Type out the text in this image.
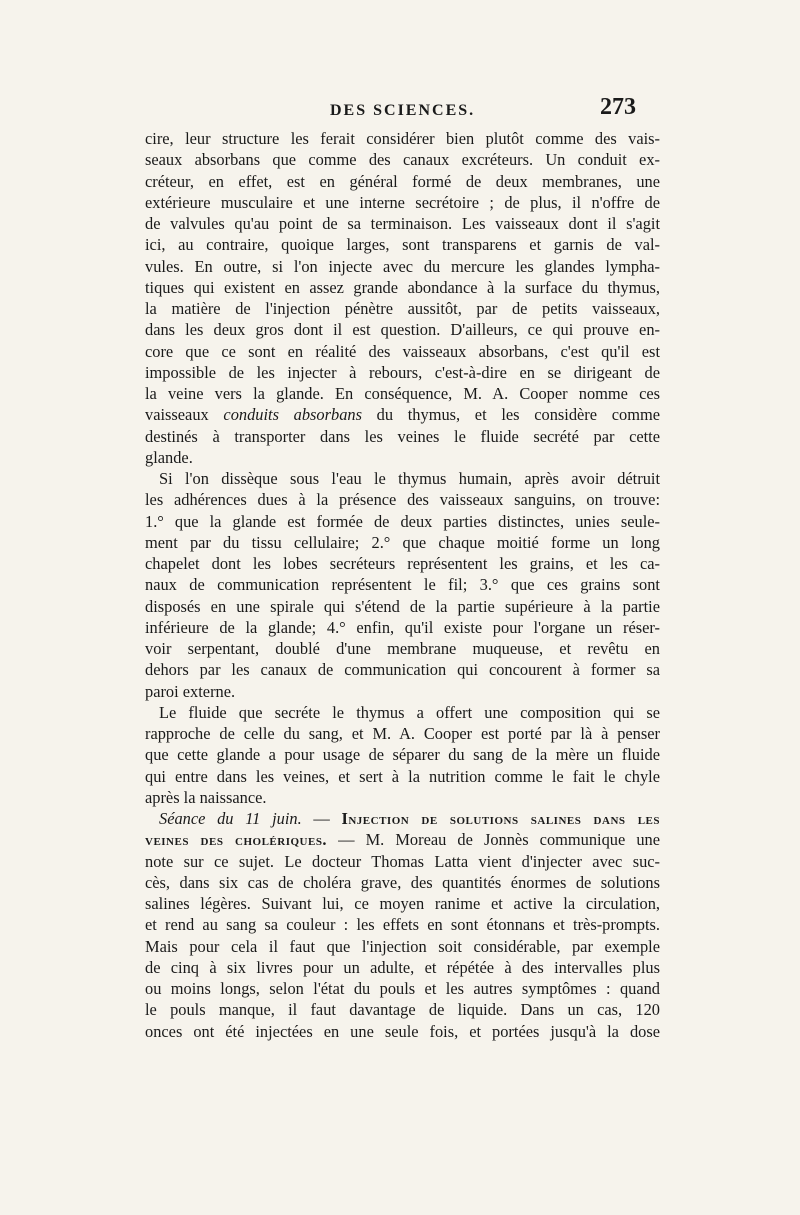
DES SCIENCES.	273
cire, leur structure les ferait considérer bien plutôt comme des vais-
seaux absorbans que comme des canaux excréteurs. Un conduit ex-
créteur, en effet, est en général formé de deux membranes, une
extérieure musculaire et une interne secrétoire ; de plus, il n'offre de
de valvules qu'au point de sa terminaison. Les vaisseaux dont il s'agit
ici, au contraire, quoique larges, sont transparens et garnis de val-
vules. En outre, si l'on injecte avec du mercure les glandes lympha-
tiques qui existent en assez grande abondance à la surface du thymus,
la matière de l'injection pénètre aussitôt, par de petits vaisseaux,
dans les deux gros dont il est question. D'ailleurs, ce qui prouve en-
core que ce sont en réalité des vaisseaux absorbans, c'est qu'il est
impossible de les injecter à rebours, c'est-à-dire en se dirigeant de
la veine vers la glande. En conséquence, M. A. Cooper nomme ces
vaisseaux conduits absorbans du thymus, et les considère comme
destinés à transporter dans les veines le fluide secrété par cette
glande.
Si l'on dissèque sous l'eau le thymus humain, après avoir détruit
les adhérences dues à la présence des vaisseaux sanguins, on trouve:
1.° que la glande est formée de deux parties distinctes, unies seule-
ment par du tissu cellulaire; 2.° que chaque moitié forme un long
chapelet dont les lobes secréteurs représentent les grains, et les ca-
naux de communication représentent le fil; 3.° que ces grains sont
disposés en une spirale qui s'étend de la partie supérieure à la partie
inférieure de la glande; 4.° enfin, qu'il existe pour l'organe un réser-
voir serpentant, doublé d'une membrane muqueuse, et revêtu en
dehors par les canaux de communication qui concourent à former sa
paroi externe.
Le fluide que secréte le thymus a offert une composition qui se
rapproche de celle du sang, et M. A. Cooper est porté par là à penser
que cette glande a pour usage de séparer du sang de la mère un fluide
qui entre dans les veines, et sert à la nutrition comme le fait le chyle
après la naissance.
Séance du 11 juin. — Injection de solutions salines dans les
veines des cholériques. — M. Moreau de Jonnès communique une
note sur ce sujet. Le docteur Thomas Latta vient d'injecter avec suc-
cès, dans six cas de choléra grave, des quantités énormes de solutions
salines légères. Suivant lui, ce moyen ranime et active la circulation,
et rend au sang sa couleur : les effets en sont étonnans et très-prompts.
Mais pour cela il faut que l'injection soit considérable, par exemple
de cinq à six livres pour un adulte, et répétée à des intervalles plus
ou moins longs, selon l'état du pouls et les autres symptômes : quand
le pouls manque, il faut davantage de liquide. Dans un cas, 120
onces ont été injectées en une seule fois, et portées jusqu'à la dose
